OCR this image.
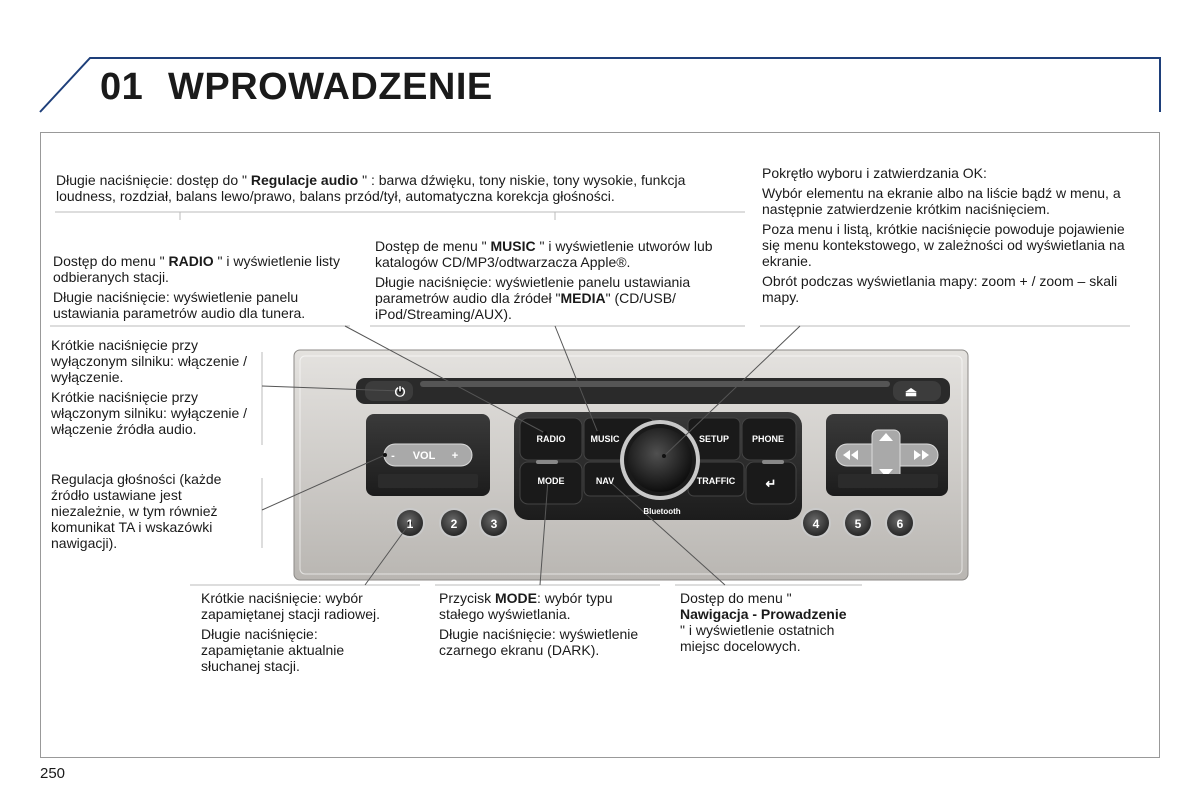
01 WPROWADZENIE
250
RADIO	MUSIC	SETUP	PHONE
MODE	NAV	TRAFFIC
VOL
-	+
Bluetooth
⏻	⏏
↵
1	2	3	4	5	6

Długie naciśnięcie: dostęp do " Regulacje audio " : barwa dźwięku, tony niskie, tony wysokie, funkcja loudness, rozdział, balans lewo/prawo, balans przód/tył, automatyczna korekcja głośności.

Dostęp do menu " RADIO " i wyświetlenie listy odbieranych stacji.

Długie naciśnięcie: wyświetlenie panelu ustawiania parametrów audio dla tunera.

Dostęp de menu " MUSIC " i wyświetlenie utworów lub katalogów CD/MP3/odtwarzacza Apple®.

Długie naciśnięcie: wyświetlenie panelu ustawiania parametrów audio dla źródeł "MEDIA" (CD/USB/ iPod/Streaming/AUX).

Pokrętło wyboru i zatwierdzania OK:

Wybór elementu na ekranie albo na liście bądź w menu, a następnie zatwierdzenie krótkim naciśnięciem.

Poza menu i listą, krótkie naciśnięcie powoduje pojawienie się menu kontekstowego, w zależności od wyświetlania na ekranie.

Obrót podczas wyświetlania mapy: zoom + / zoom – skali mapy.

Krótkie naciśnięcie przy wyłączonym silniku: włączenie / wyłączenie.

Krótkie naciśnięcie przy włączonym silniku: wyłączenie / włączenie źródła audio.

Regulacja głośności (każde źródło ustawiane jest niezależnie, w tym również komunikat TA i wskazówki nawigacji).

Krótkie naciśnięcie: wybór zapamiętanej stacji radiowej.

Długie naciśnięcie: zapamiętanie aktualnie słuchanej stacji.

Przycisk MODE: wybór typu stałego wyświetlania.

Długie naciśnięcie: wyświetlenie czarnego ekranu (DARK).

Dostęp do menu " Nawigacja - Prowadzenie " i wyświetlenie ostatnich miejsc docelowych.
